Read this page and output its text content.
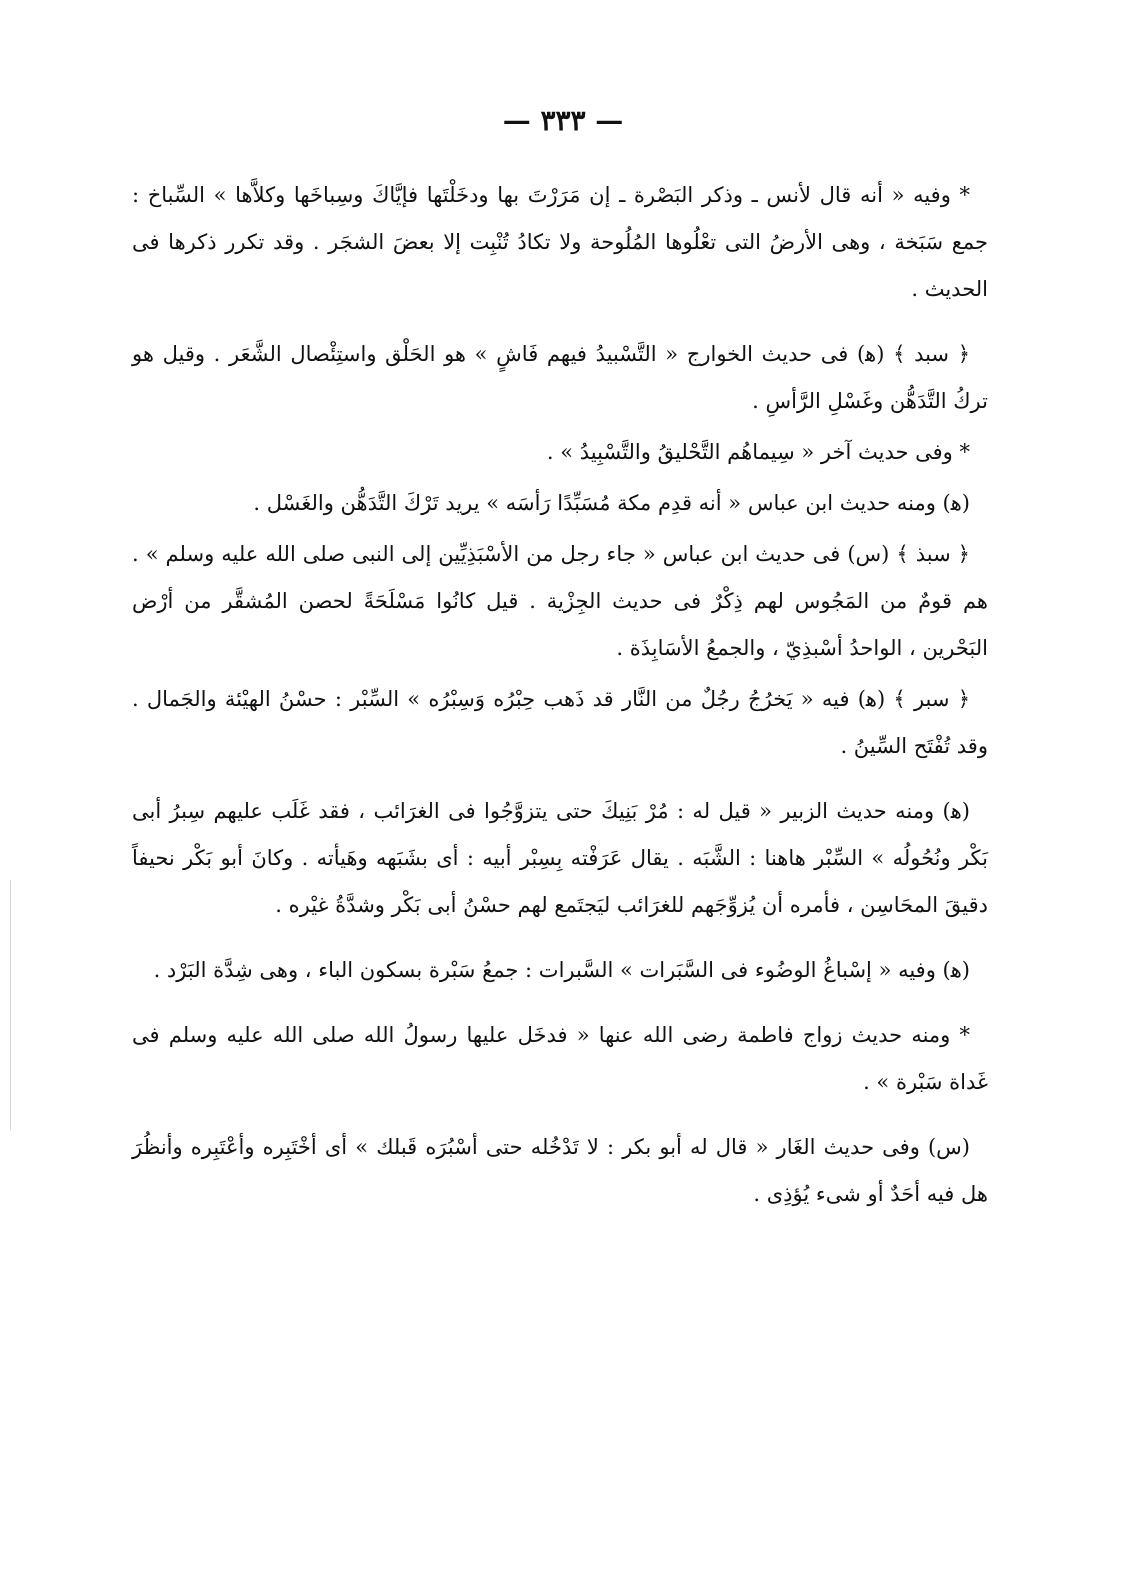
— ٣٣٣ —

* وفيه « أنه قال لأنس ـ وذكر البَصْرة ـ إن مَرَرْتَ بها ودخَلْتَها فإيَّاكَ وسِباخَها وكلاَّها » السِّباخ : جمع سَبَخة ، وهى الأرضُ التى تعْلُوها المُلُوحة ولا تكادُ تُنْبِت إلا بعضَ الشجَر . وقد تكرر ذكرها فى الحديث .

﴿ سبد ﴾ (ﻫ) فى حديث الخوارج « التَّسْبيدُ فيهم فَاشٍ » هو الحَلْق واستِئْصال الشَّعَر . وقيل هو تركُ التَّدَهُّن وغَسْلِ الرَّأسِ .

* وفى حديث آخر « سِيماهُم التَّحْليقُ والتَّسْبِيدُ » .

(ﻫ) ومنه حديث ابن عباس « أنه قدِم مكة مُسَبِّدًا رَأسَه » يريد تَرْكَ التَّدَهُّن والغَسْل .

﴿ سبذ ﴾ (س) فى حديث ابن عباس « جاء رجل من الأسْبَذِيِّين إلى النبى صلى الله عليه وسلم » . هم قومٌ من المَجُوس لهم ذِكْرٌ فى حديث الجِزْية . قيل كانُوا مَسْلَحَةً لحصن المُشقَّر من أرْض البَحْرين ، الواحدُ أسْبذِيّ ، والجمعُ الأسَابِذَة .

﴿ سبر ﴾ (ﻫ) فيه « يَخرُجُ رجُلٌ من النَّار قد ذَهب حِبْرُه وَسِبْرُه » السِّبْر : حسْنُ الهيْئة والجَمال . وقد تُفْتَح السِّينُ .

(ﻫ) ومنه حديث الزبير « قيل له : مُرْ بَنِيكَ حتى يتزوَّجُوا فى الغرَائب ، فقد غَلَب عليهم سِبرُ أبى بَكْر ونُحُولُه » السِّبْر هاهنا : الشَّبَه . يقال عَرَفْته بِسِبْر أبيه : أى بشَبَهه وهَيأته . وكانَ أبو بَكْر نحيفاً دقيقَ المحَاسِن ، فأمره أن يُزوِّجَهم للغرَائب ليَجتَمع لهم حسْنُ أبى بَكْر وشدَّةُ غيْره .

(ﻫ) وفيه « إسْباغُ الوضُوء فى السَّبَرات » السَّبرات : جمعُ سَبْرة بسكون الباء ، وهى شِدَّة البَرْد .

* ومنه حديث زواج فاطمة رضى الله عنها « فدخَل عليها رسولُ الله صلى الله عليه وسلم فى غَداة سَبْرة » .

(س) وفى حديث الغَار « قال له أبو بكر : لا تَدْخُله حتى أسْبُرَه قَبلك » أى أخْتَبِره وأعْتَبِره وأنظُرَ هل فيه أحَدٌ أو شىء يُؤذِى .
